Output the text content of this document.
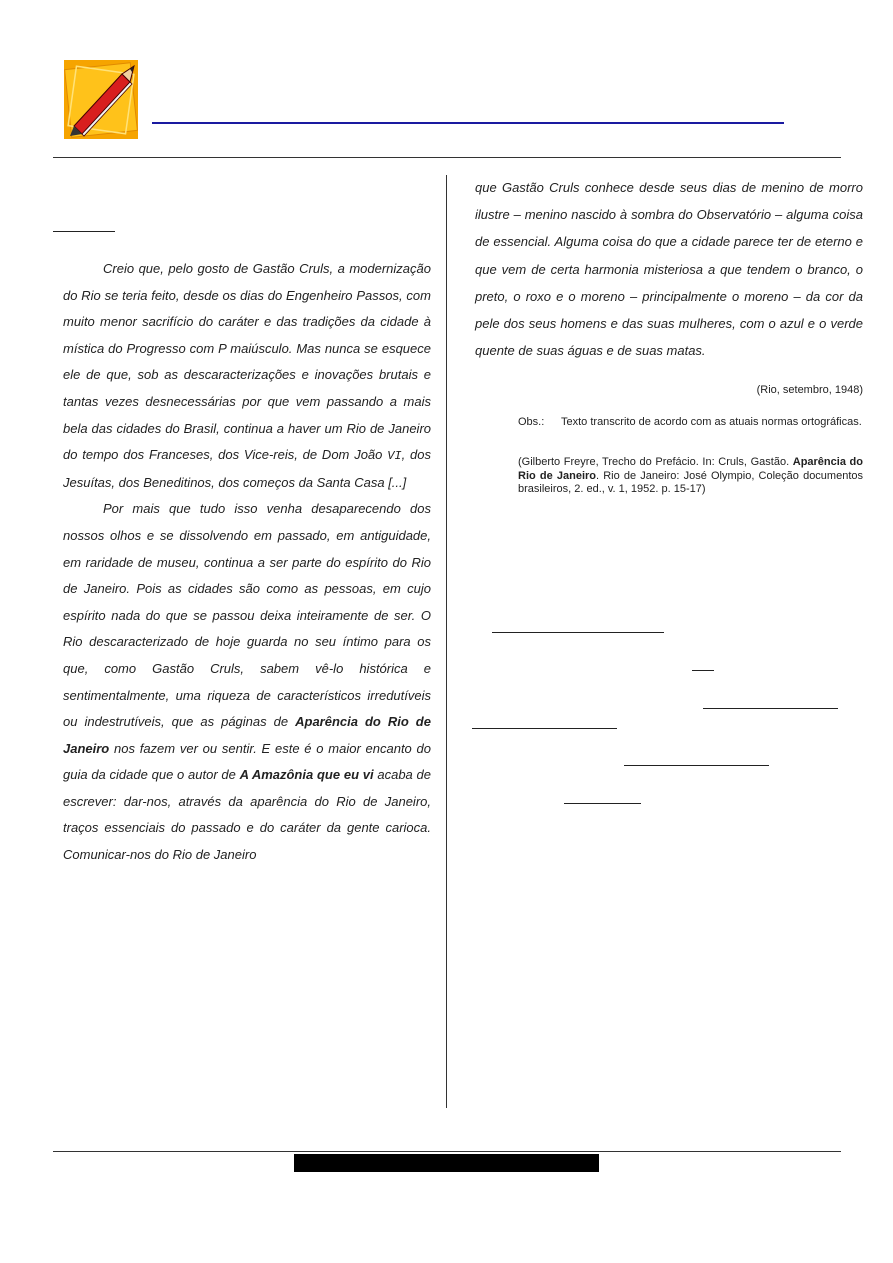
Creio que, pelo gosto de Gastão Cruls, a modernização do Rio se teria feito, desde os dias do Engenheiro Passos, com muito menor sacrifício do caráter e das tradições da cidade à mística do Progresso com P maiúsculo. Mas nunca se esquece ele de que, sob as descaracterizações e inovações brutais e tantas vezes desnecessárias por que vem passando a mais bela das cidades do Brasil, continua a haver um Rio de Janeiro do tempo dos Franceses, dos Vice-reis, de Dom João VI, dos Jesuítas, dos Beneditinos, dos começos da Santa Casa [...]

Por mais que tudo isso venha desaparecendo dos nossos olhos e se dissolvendo em passado, em antiguidade, em raridade de museu, continua a ser parte do espírito do Rio de Janeiro. Pois as cidades são como as pessoas, em cujo espírito nada do que se passou deixa inteiramente de ser. O Rio descaracterizado de hoje guarda no seu íntimo para os que, como Gastão Cruls, sabem vê-lo histórica e sentimentalmente, uma riqueza de característicos irredutíveis ou indestrutíveis, que as páginas de Aparência do Rio de Janeiro nos fazem ver ou sentir. E este é o maior encanto do guia da cidade que o autor de A Amazônia que eu vi acaba de escrever: dar-nos, através da aparência do Rio de Janeiro, traços essenciais do passado e do caráter da gente carioca. Comunicar-nos do Rio de Janeiro

que Gastão Cruls conhece desde seus dias de menino de morro ilustre – menino nascido à sombra do Observatório – alguma coisa de essencial. Alguma coisa do que a cidade parece ter de eterno e que vem de certa harmonia misteriosa a que tendem o branco, o preto, o roxo e o moreno – principalmente o moreno – da cor da pele dos seus homens e das suas mulheres, com o azul e o verde quente de suas águas e de suas matas.

(Rio, setembro, 1948)
Obs.: Texto transcrito de acordo com as atuais normas ortográficas.
(Gilberto Freyre, Trecho do Prefácio. In: Cruls, Gastão. Aparência do Rio de Janeiro. Rio de Janeiro: José Olympio, Coleção documentos brasileiros, 2. ed., v. 1, 1952. p. 15-17)
